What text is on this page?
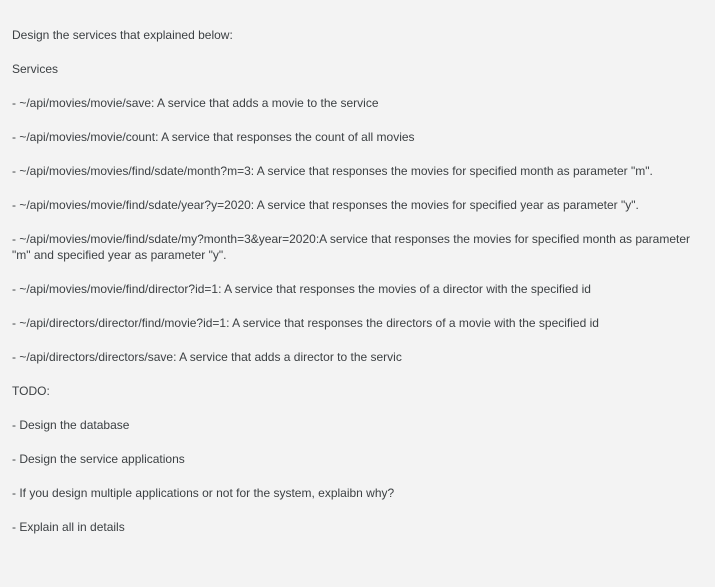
Design the services that explained below:

Services

- ~/api/movies/movie/save: A service that adds a movie to the service

- ~/api/movies/movie/count: A service that responses the count of all movies

- ~/api/movies/movies/find/sdate/month?m=3: A service that responses the movies for specified month as parameter "m".

- ~/api/movies/movie/find/sdate/year?y=2020: A service that responses the movies for specified year as parameter "y".

- ~/api/movies/movie/find/sdate/my?month=3&year=2020:A service that responses the movies for specified month as parameter "m" and specified year as parameter "y".

- ~/api/movies/movie/find/director?id=1: A service that responses the movies of a director with the specified id

- ~/api/directors/director/find/movie?id=1: A service that responses the directors of a movie with the specified id

- ~/api/directors/directors/save: A service that adds a director to the servic

TODO:

- Design the database

- Design the service applications

- If you design multiple applications or not for the system, explaibn why?

- Explain all in details
